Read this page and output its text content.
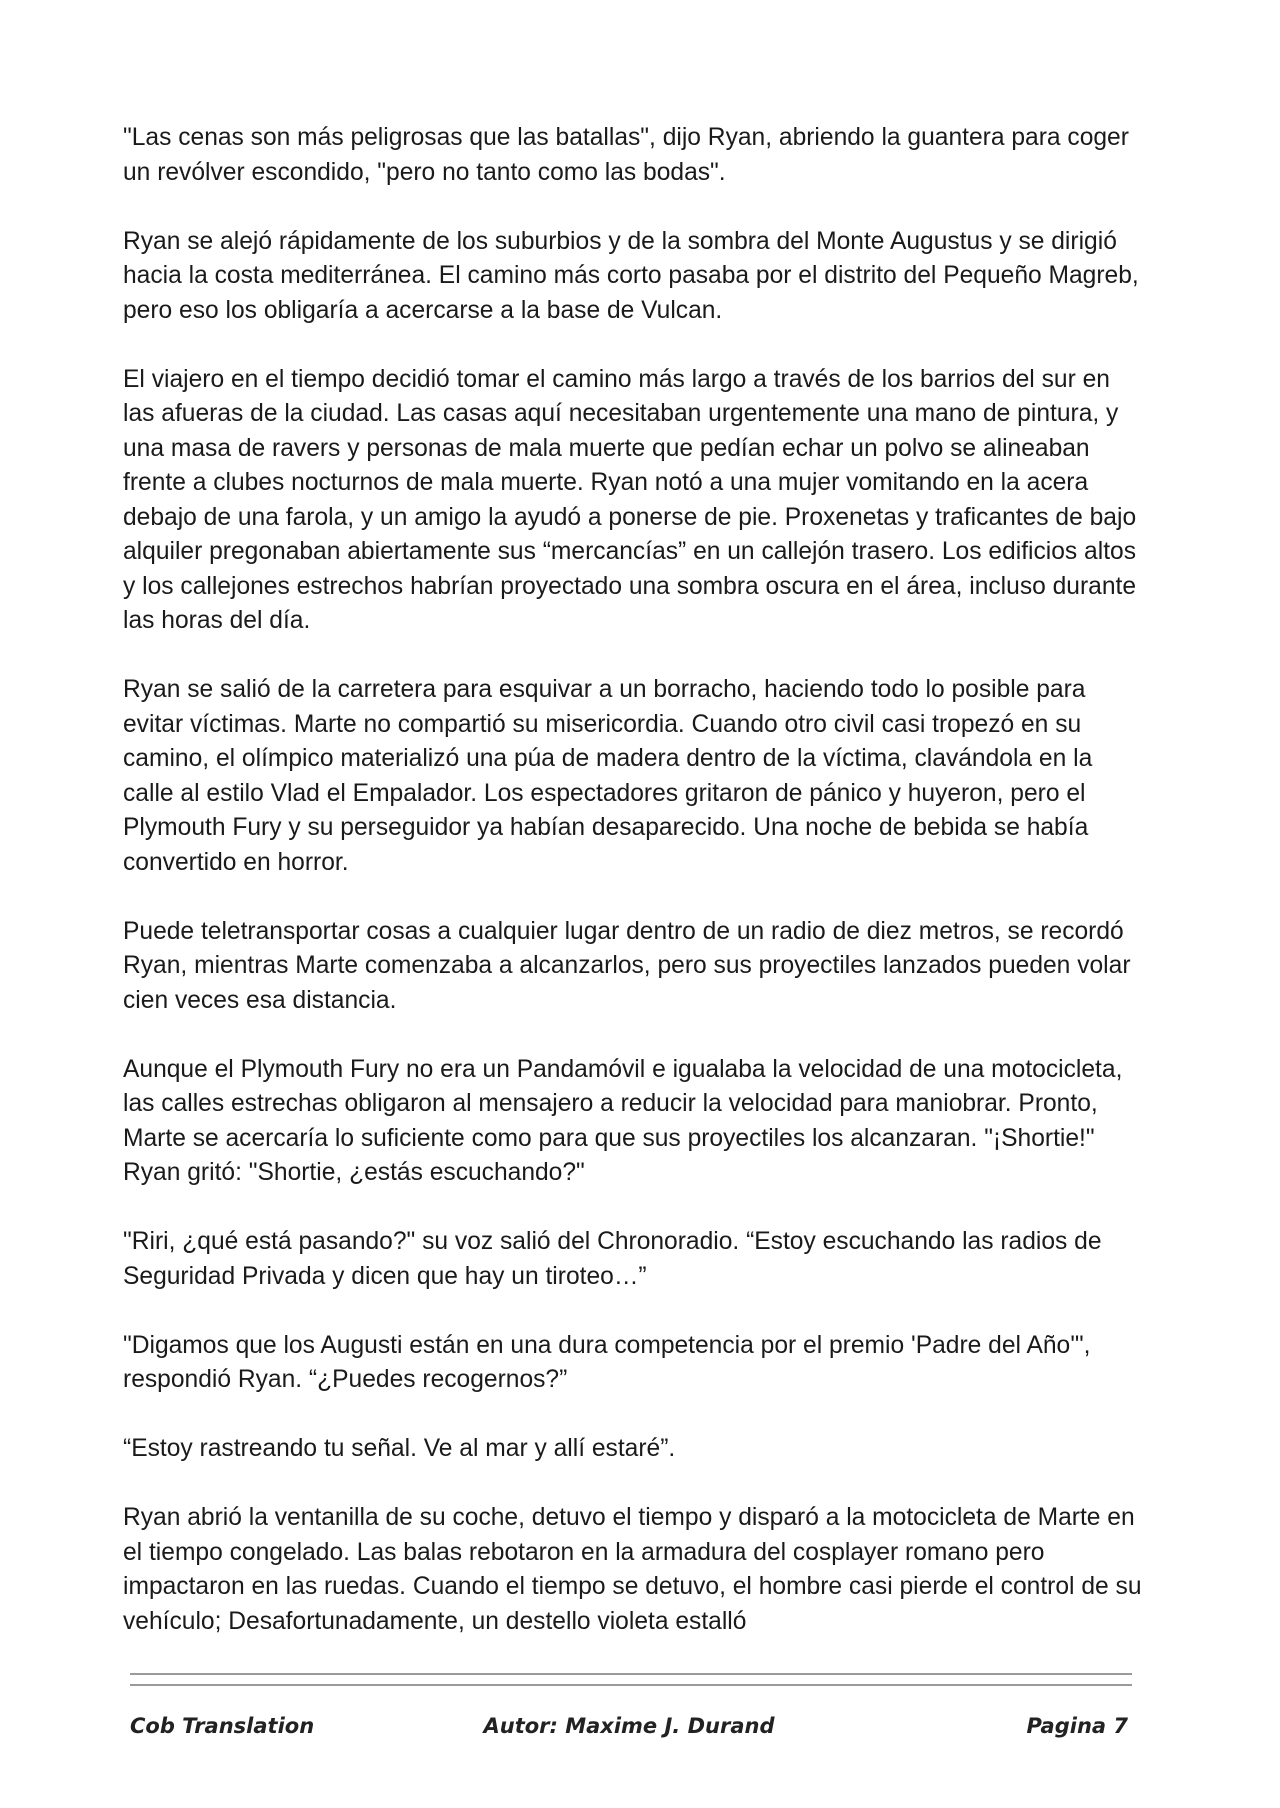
"Las cenas son más peligrosas que las batallas", dijo Ryan, abriendo la guantera para coger un revólver escondido, "pero no tanto como las bodas".

Ryan se alejó rápidamente de los suburbios y de la sombra del Monte Augustus y se dirigió hacia la costa mediterránea. El camino más corto pasaba por el distrito del Pequeño Magreb, pero eso los obligaría a acercarse a la base de Vulcan.

El viajero en el tiempo decidió tomar el camino más largo a través de los barrios del sur en las afueras de la ciudad. Las casas aquí necesitaban urgentemente una mano de pintura, y una masa de ravers y personas de mala muerte que pedían echar un polvo se alineaban frente a clubes nocturnos de mala muerte. Ryan notó a una mujer vomitando en la acera debajo de una farola, y un amigo la ayudó a ponerse de pie. Proxenetas y traficantes de bajo alquiler pregonaban abiertamente sus “mercancías” en un callejón trasero. Los edificios altos y los callejones estrechos habrían proyectado una sombra oscura en el área, incluso durante las horas del día.

Ryan se salió de la carretera para esquivar a un borracho, haciendo todo lo posible para evitar víctimas. Marte no compartió su misericordia. Cuando otro civil casi tropezó en su camino, el olímpico materializó una púa de madera dentro de la víctima, clavándola en la calle al estilo Vlad el Empalador. Los espectadores gritaron de pánico y huyeron, pero el Plymouth Fury y su perseguidor ya habían desaparecido. Una noche de bebida se había convertido en horror.

Puede teletransportar cosas a cualquier lugar dentro de un radio de diez metros, se recordó Ryan, mientras Marte comenzaba a alcanzarlos, pero sus proyectiles lanzados pueden volar cien veces esa distancia.

Aunque el Plymouth Fury no era un Pandamóvil e igualaba la velocidad de una motocicleta, las calles estrechas obligaron al mensajero a reducir la velocidad para maniobrar. Pronto, Marte se acercaría lo suficiente como para que sus proyectiles los alcanzaran. "¡Shortie!" Ryan gritó: "Shortie, ¿estás escuchando?"

"Riri, ¿qué está pasando?" su voz salió del Chronoradio. “Estoy escuchando las radios de Seguridad Privada y dicen que hay un tiroteo…”

"Digamos que los Augusti están en una dura competencia por el premio 'Padre del Año'", respondió Ryan. “¿Puedes recogernos?”

“Estoy rastreando tu señal. Ve al mar y allí estaré”.

Ryan abrió la ventanilla de su coche, detuvo el tiempo y disparó a la motocicleta de Marte en el tiempo congelado. Las balas rebotaron en la armadura del cosplayer romano pero impactaron en las ruedas. Cuando el tiempo se detuvo, el hombre casi pierde el control de su vehículo; Desafortunadamente, un destello violeta estalló

Cob Translation	Autor: Maxime J. Durand	Pagina 7
